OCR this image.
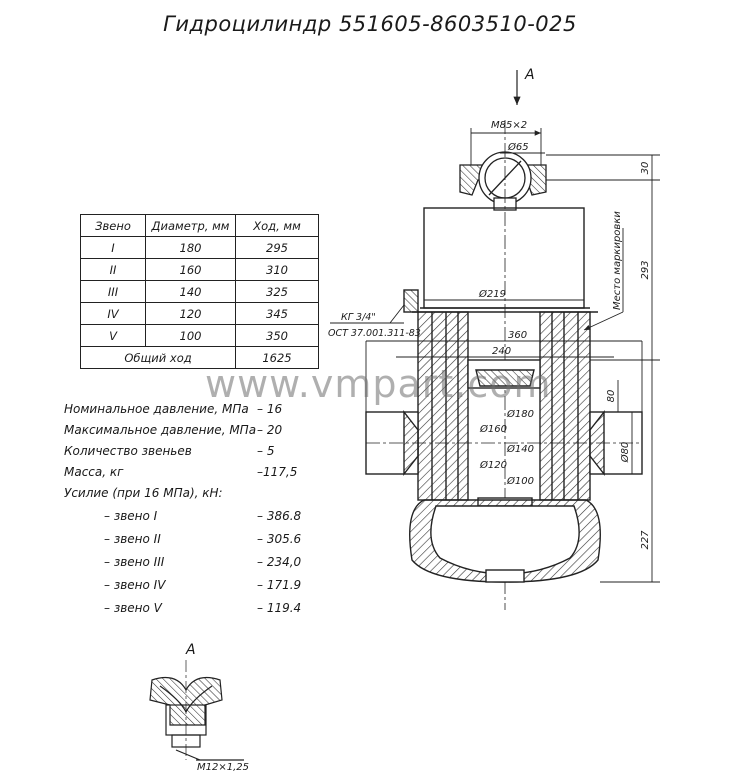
Гидроцилиндр 551605-8603510-025
A
M85×2
Ø65
30
293
227
80
Ø80
Ø219
360
240
Ø180
Ø160
Ø140
Ø120
Ø100
КГ 3/4"
ОСТ 37.001.311-83
Место маркировки
A
M12×1,25
Звено	Диаметр, мм	Ход, мм
I	180	295
II	160	310
III	140	325
IV	120	345
V	100	350
Общий ход		1625
Номинальное давление, МПа – 16
Максимальное давление, МПа – 20
Количество звеньев	– 5
Масса, кг	–117,5
Усилие (при 16 МПа), кН:
– звено I	– 386.8
– звено II	– 305.6
– звено III	– 234,0
– звено IV	– 171.9
– звено V	– 119.4
www.vmpart.com
